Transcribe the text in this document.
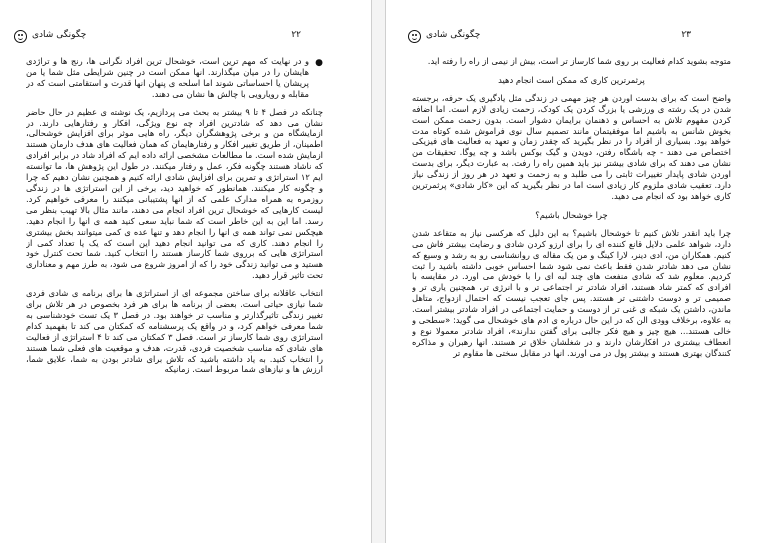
چگونگی شادی	۲۲
●

و در نهایت که مهم ترین است، خوشحال ترین افراد نگرانی ها، رنج ها و تراژدی هایشان را در میان میگذارند. انها ممکن است در چنین شرایطی مثل شما یا من پریشان یا احساساتی شوند اما اسلحه ی پنهان انها قدرت و استقامتی است که در مقابله و رویارویی با چالش ها نشان می دهند.

چنانکه در فصل ۴ تا ۹ بیشتر به بحث می پردازیم، یک نوشته ی عظیم در حال حاضر نشان می دهد که شادترین افراد چه نوع ویژگی، افکار و رفتارهایی دارند. در ازمایشگاه من و برخی پژوهشگران دیگر، راه هایی موثر برای افزایش خوشحالی، اطمینان، از طریق تغییر افکار و رفتارهایمان که همان فعالیت های هدف دارمان هستند ازمایش شده است. ما مطالعات مشخصی ارائه داده ایم که افراد شاد در برابر افرادی که ناشاد هستند چگونه فکر، عمل و رفتار میکنند. در طول این پژوهش ها، ما توانسته ایم ۱۲ استراتژی و تمرین برای افزایش شادی ارائه کنیم و همچنین نشان دهیم که چرا و چگونه کار میکنند. همانطور که خواهید دید، برخی از این استراتژی ها در زندگی روزمره به همراه مدارک علمی که از انها پشتیبانی میکنند را معرفی خواهیم کرد. لیست کارهایی که خوشحال ترین افراد انجام می دهند، مانند مثال بالا تهیب بنظر می رسد. اما این به این خاطر است که شما نباید سعی کنید همه ی انها را انجام دهید. هیچکس نمی تواند همه ی انها را انجام دهد و تنها عده ی کمی میتوانند بخش بیشتری را انجام دهند. کاری که می توانید انجام دهید این است که یک یا تعداد کمی از استراتژی هایی که برروی شما کارساز هستند را انتخاب کنید. شما تحت کنترل خود هستید و می توانید زندگی خود را که از امروز شروع می شود، به طرز مهم و معناداری تحت تاثیر قرار دهید.

انتخاب عاقلانه برای ساختن مجموعه ای از استراتژی ها برای برنامه ی شادی فردی شما نیازی حیاتی است. بعضی از برنامه ها برای هر فرد بخصوص در هر تلاش برای تغییر زندگی تاثیرگذارتر و مناسب تر خواهند بود. در فصل ۳ یک تست خودشناسی به شما معرفی خواهم کرد، و در واقع یک پرسشنامه که کمکتان می کند تا بفهمید کدام استراتژی روی شما کارساز تر است. فصل ۳ کمکتان می کند تا ۴ استراتژی از فعالیت های شادی که مناسب شخصیت فردی، قدرت، هدف و موقعیت های فعلی شما هستند را انتخاب کنید. به یاد داشته باشید که تلاش برای شادتر بودن به شما، علایق شما، ارزش ها و نیازهای شما مربوط است. زمانیکه

چگونگی شادی	۲۳

متوجه بشوید کدام فعالیت بر روی شما کارساز تر است، بیش از نیمی از راه را رفته اید.

پرثمرترین کاری که ممکن است انجام دهید

واضح است که برای بدست اوردن هر چیز مهمی در زندگی مثل یادگیری یک حرفه، برجسته شدن در یک رشته ی ورزشی یا بزرگ کردن یک کودک، زحمت زیادی لازم است. اما اضافه کردن مفهوم تلاش به احساس و ذهنمان برایمان دشوار است. بدون زحمت ممکن است بخوش شانس به باشیم اما موفقیتمان مانند تصمیم سال نوی فراموش شده کوتاه مدت خواهد بود. بسیاری از افراد را در نظر بگیرید که چقدر زمان و تعهد به فعالیت های فیزیکی اختصاص می دهند - چه باشگاه رفتن، دویدن و گیک بوکس باشد و چه یوگا. تحقیقات من نشان می دهند که برای شادی بیشتر نیز باید همین راه را رفت. به عبارت دیگر، برای بدست اوردن شادی پایدار تغییرات ثابتی را می طلبد و به زحمت و تعهد در هر روز از زندگی نیاز دارد. تعقیب شادی ملزوم کار زیادی است اما در نظر بگیرید که این «کار شادی» پرثمرترین کاری خواهد بود که انجام می دهید.

چرا خوشحال باشیم؟

چرا باید انقدر تلاش کنیم تا خوشحال باشیم؟ به این دلیل که هرکسی نیاز به متقاعد شدن دارد، شواهد علمی دلایل قانع کننده ای را برای ارزو کردن شادی و رضایت بیشتر فاش می کنیم. همکاران من، ادی دینر، لارا کینگ و من یک مقاله ی روانشناسی رو به رشد و وسیع که نشان می دهد شادتر شدن فقط باعث نمی شود شما احساس خوبی داشته باشید را ثبت کردیم. معلوم شد که شادی منفعت های چند لبه ای را با خودش می اورد. در مقایسه با افرادی که کمتر شاد هستند، افراد شادتر تر اجتماعی تر و با انرژی تر، همچنین یاری تر و صمیمی تر و دوست داشتنی تر هستند. پس جای تعجب نیست که احتمال ازدواج، متاهل ماندن، داشتن یک شبکه ی غنی تر از دوست و حمایت اجتماعی در افراد شادتر بیشتر است. به علاوه، برخلاف وودی الن که در این حال درباره ی ادم های خوشحال می گوید: «سطحی و خالی هستند... هیچ چیز و هیچ فکر جالبی برای گفتن ندارند»، افراد شادتر معمولا نوع و انعطاف بیشتری در افکارشان دارند و در شغلشان خلاق تر هستند. انها رهبران و مذاکره کنندگان بهتری هستند و بیشتر پول در می اورند. انها در مقابل سختی ها مقاوم تر
